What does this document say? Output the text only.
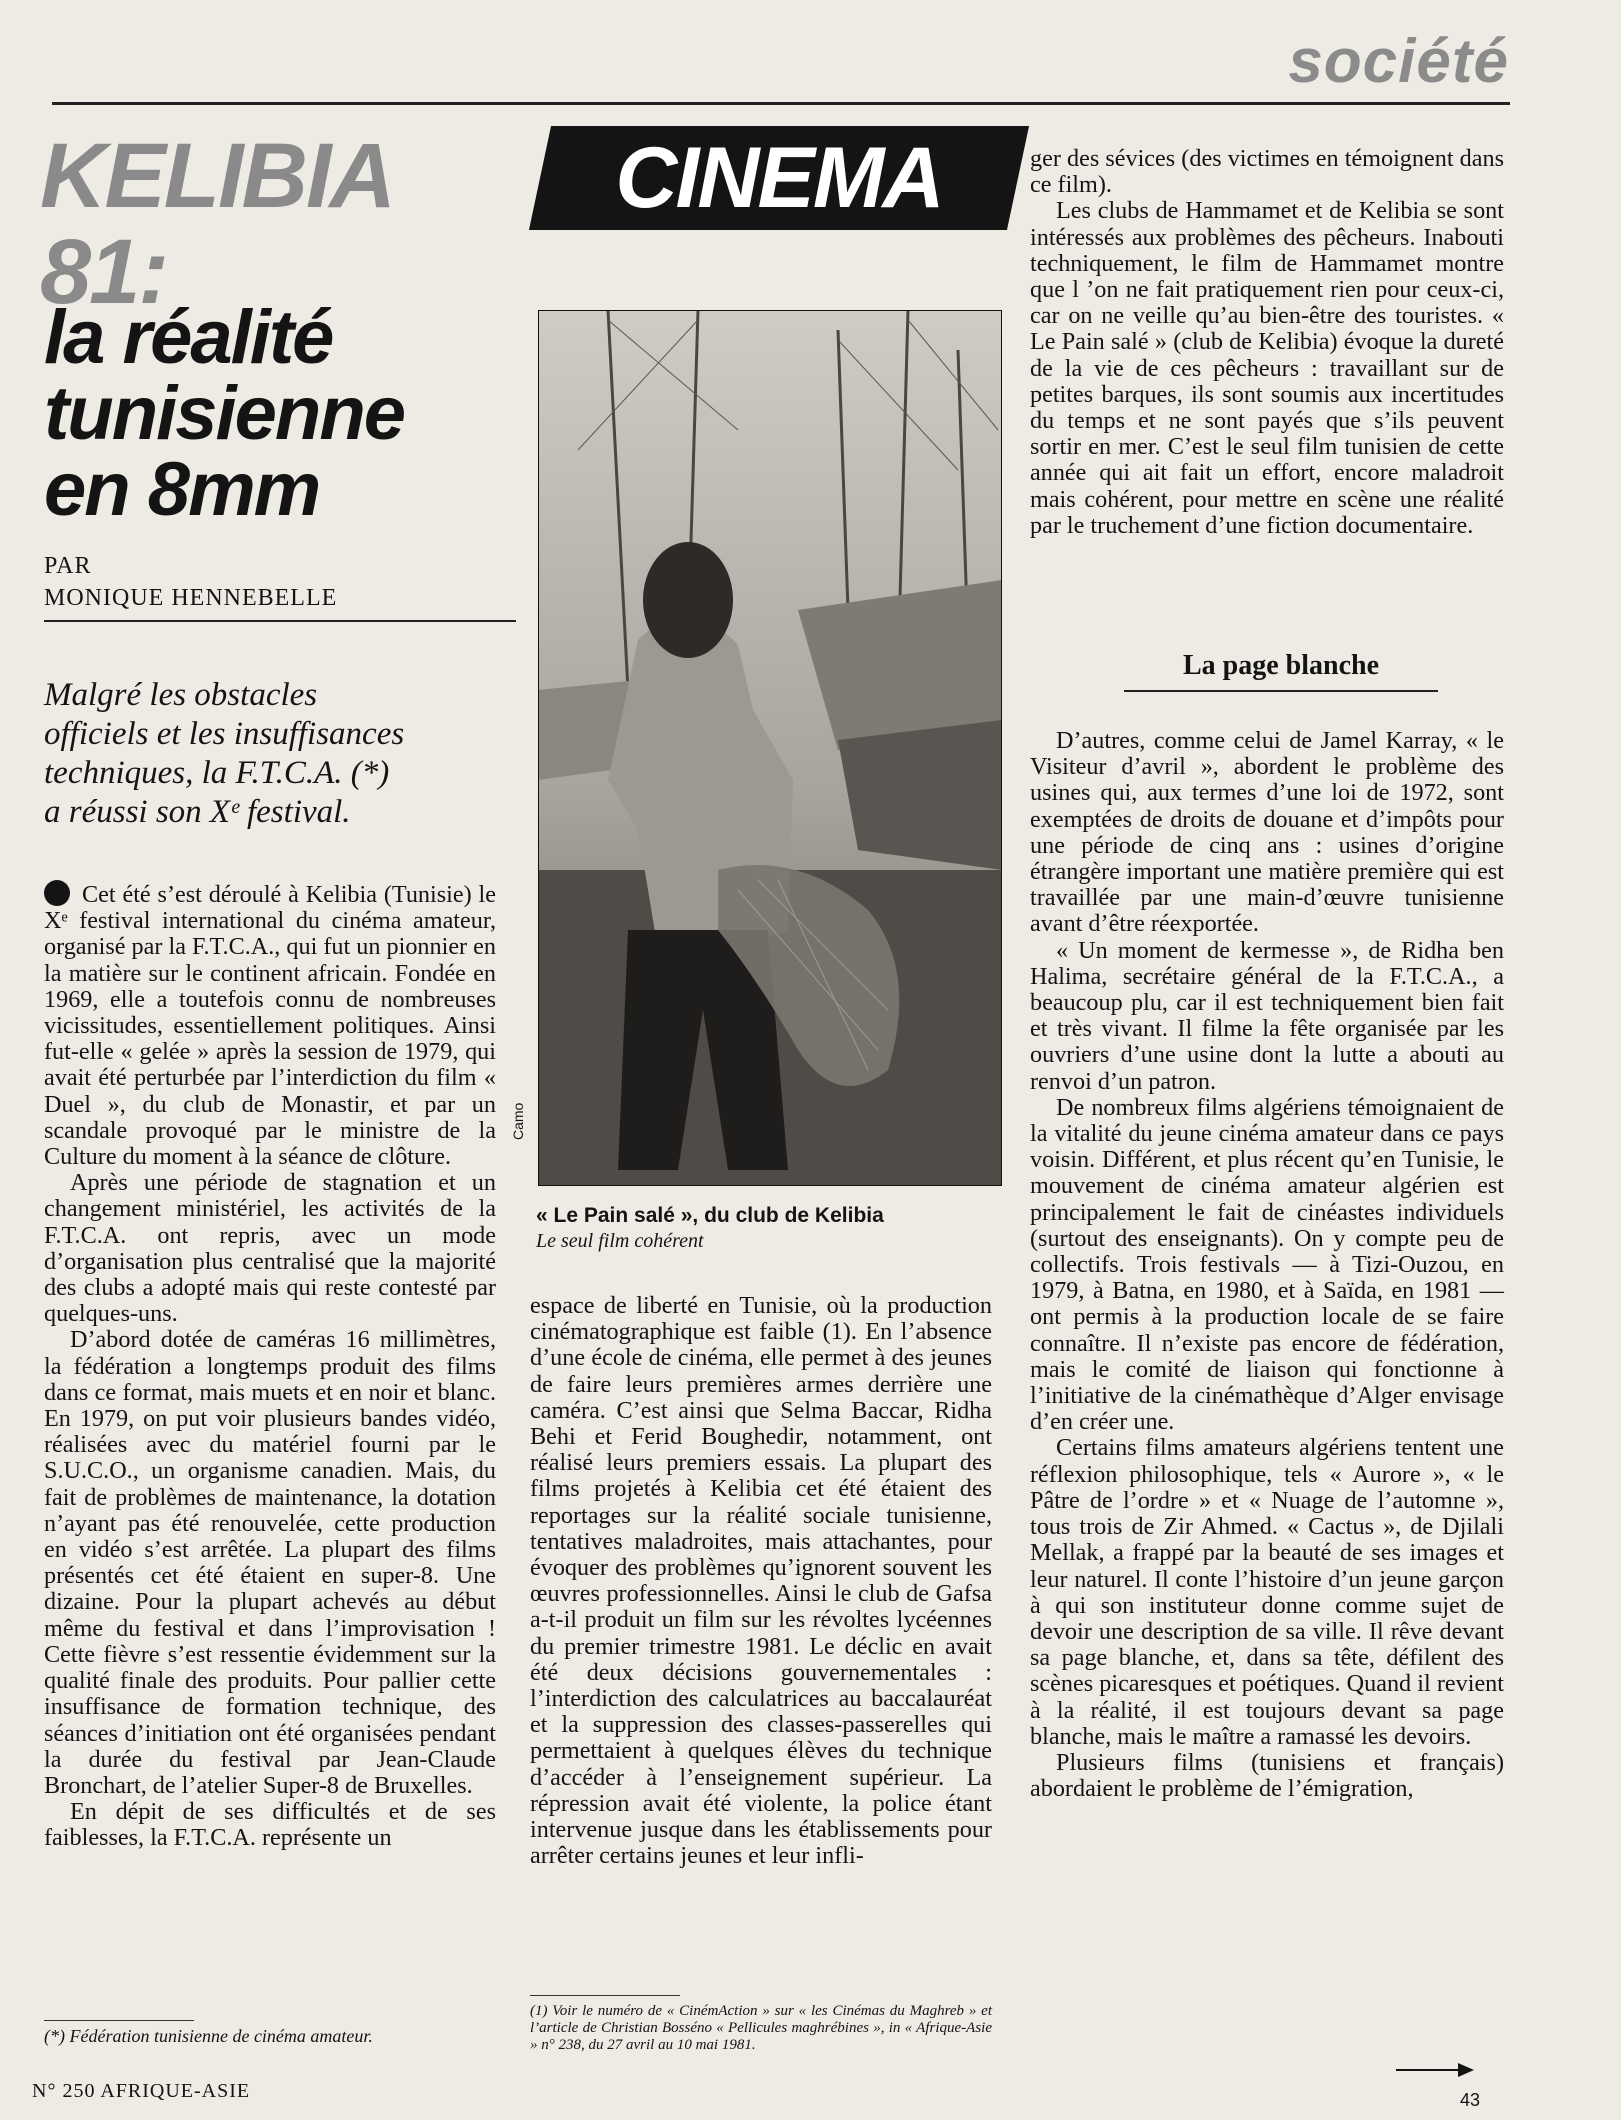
société
KELIBIA
81:
la réalité
tunisienne
en 8mm
PAR
MONIQUE HENNEBELLE
Malgré les obstacles
officiels et les insuffisances
techniques, la F.T.C.A. (*)
a réussi son Xᵉ festival.

Cet été s’est déroulé à Kelibia (Tunisie) le Xᵉ festival international du cinéma amateur, organisé par la F.T.C.A., qui fut un pionnier en la matière sur le continent africain. Fondée en 1969, elle a toutefois connu de nombreuses vicissitudes, essentiellement politiques. Ainsi fut-elle « gelée » après la session de 1979, qui avait été perturbée par l’interdiction du film « Duel », du club de Monastir, et par un scandale provoqué par le ministre de la Culture du moment à la séance de clôture.

Après une période de stagnation et un changement ministériel, les activités de la F.T.C.A. ont repris, avec un mode d’organisation plus centralisé que la majorité des clubs a adopté mais qui reste contesté par quelques-uns.

D’abord dotée de caméras 16 millimètres, la fédération a longtemps produit des films dans ce format, mais muets et en noir et blanc. En 1979, on put voir plusieurs bandes vidéo, réalisées avec du matériel fourni par le S.U.C.O., un organisme canadien. Mais, du fait de problèmes de maintenance, la dotation n’ayant pas été renouvelée, cette production en vidéo s’est arrêtée. La plupart des films présentés cet été étaient en super-8. Une dizaine. Pour la plupart achevés au début même du festival et dans l’improvisation ! Cette fièvre s’est ressentie évidemment sur la qualité finale des produits. Pour pallier cette insuffisance de formation technique, des séances d’initiation ont été organisées pendant la durée du festival par Jean-Claude Bronchart, de l’atelier Super-8 de Bruxelles.

En dépit de ses difficultés et de ses faiblesses, la F.T.C.A. représente un

(*) Fédération tunisienne de cinéma amateur.
N° 250 AFRIQUE-ASIE
CINEMA
Camo
« Le Pain salé », du club de Kelibia
Le seul film cohérent

espace de liberté en Tunisie, où la production cinématographique est faible (1). En l’absence d’une école de cinéma, elle permet à des jeunes de faire leurs premières armes derrière une caméra. C’est ainsi que Selma Baccar, Ridha Behi et Ferid Boughedir, notamment, ont réalisé leurs premiers essais. La plupart des films projetés à Kelibia cet été étaient des reportages sur la réalité sociale tunisienne, tentatives maladroites, mais attachantes, pour évoquer des problèmes qu’ignorent souvent les œuvres professionnelles. Ainsi le club de Gafsa a-t-il produit un film sur les révoltes lycéennes du premier trimestre 1981. Le déclic en avait été deux décisions gouvernementales : l’interdiction des calculatrices au baccalauréat et la suppression des classes-passerelles qui permettaient à quelques élèves du technique d’accéder à l’enseignement supérieur. La répression avait été violente, la police étant intervenue jusque dans les établissements pour arrêter certains jeunes et leur infli-

(1) Voir le numéro de « CinémAction » sur « les Cinémas du Maghreb » et l’article de Christian Bosséno « Pellicules maghrébines », in « Afrique-Asie » n° 238, du 27 avril au 10 mai 1981.

ger des sévices (des victimes en témoignent dans ce film).

Les clubs de Hammamet et de Kelibia se sont intéressés aux problèmes des pêcheurs. Inabouti techniquement, le film de Hammamet montre que l ’on ne fait pratiquement rien pour ceux-ci, car on ne veille qu’au bien-être des touristes. « Le Pain salé » (club de Kelibia) évoque la dureté de la vie de ces pêcheurs : travaillant sur de petites barques, ils sont soumis aux incertitudes du temps et ne sont payés que s’ils peuvent sortir en mer. C’est le seul film tunisien de cette année qui ait fait un effort, encore maladroit mais cohérent, pour mettre en scène une réalité par le truchement d’une fiction documentaire.

La page blanche

D’autres, comme celui de Jamel Karray, « le Visiteur d’avril », abordent le problème des usines qui, aux termes d’une loi de 1972, sont exemptées de droits de douane et d’impôts pour une période de cinq ans : usines d’origine étrangère important une matière première qui est travaillée par une main-d’œuvre tunisienne avant d’être réexportée.

« Un moment de kermesse », de Ridha ben Halima, secrétaire général de la F.T.C.A., a beaucoup plu, car il est techniquement bien fait et très vivant. Il filme la fête organisée par les ouvriers d’une usine dont la lutte a abouti au renvoi d’un patron.

De nombreux films algériens témoignaient de la vitalité du jeune cinéma amateur dans ce pays voisin. Différent, et plus récent qu’en Tunisie, le mouvement de cinéma amateur algérien est principalement le fait de cinéastes individuels (surtout des enseignants). On y compte peu de collectifs. Trois festivals — à Tizi-Ouzou, en 1979, à Batna, en 1980, et à Saïda, en 1981 — ont permis à la production locale de se faire connaître. Il n’existe pas encore de fédération, mais le comité de liaison qui fonctionne à l’initiative de la cinémathèque d’Alger envisage d’en créer une.

Certains films amateurs algériens tentent une réflexion philosophique, tels « Aurore », « le Pâtre de l’ordre » et « Nuage de l’automne », tous trois de Zir Ahmed. « Cactus », de Djilali Mellak, a frappé par la beauté de ses images et leur naturel. Il conte l’histoire d’un jeune garçon à qui son instituteur donne comme sujet de devoir une description de sa ville. Il rêve devant sa page blanche, et, dans sa tête, défilent des scènes picaresques et poétiques. Quand il revient à la réalité, il est toujours devant sa page blanche, mais le maître a ramassé les devoirs.

Plusieurs films (tunisiens et français) abordaient le problème de l’émigration,

43
